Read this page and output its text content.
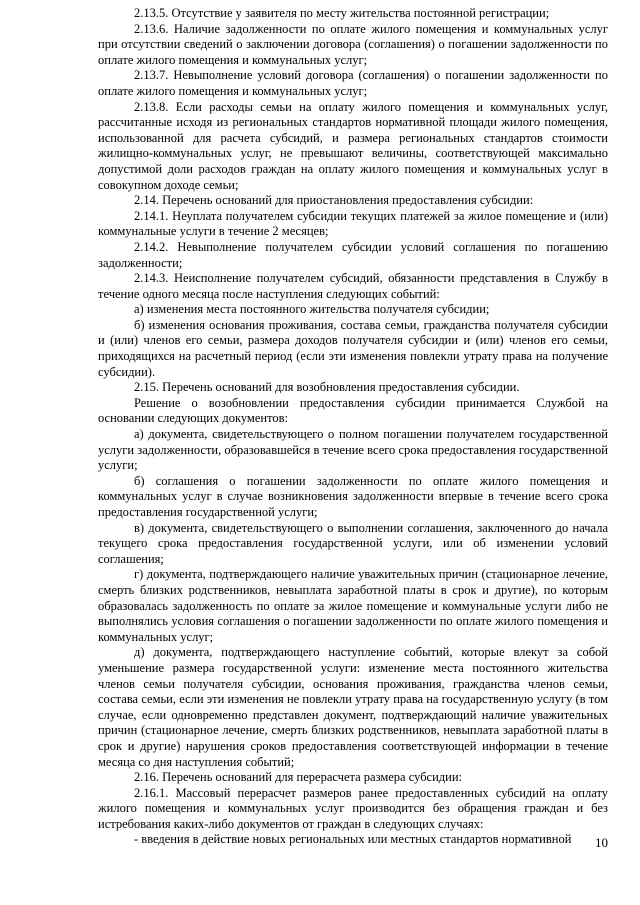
2.13.5. Отсутствие у заявителя по месту жительства постоянной регистрации;

2.13.6. Наличие задолженности по оплате жилого помещения и коммунальных услуг при отсутствии сведений о заключении договора (соглашения) о погашении задолженности по оплате жилого помещения и коммунальных услуг;

2.13.7. Невыполнение условий договора (соглашения) о погашении задолженности по оплате жилого помещения и коммунальных услуг;

2.13.8. Если расходы семьи на оплату жилого помещения и коммунальных услуг, рассчитанные исходя из региональных стандартов нормативной площади жилого помещения, использованной для расчета субсидий, и размера региональных стандартов стоимости жилищно-коммунальных услуг, не превышают величины, соответствующей максимально допустимой доли расходов граждан на оплату жилого помещения и коммунальных услуг в совокупном доходе семьи;

2.14. Перечень оснований для приостановления предоставления субсидии:

2.14.1. Неуплата получателем субсидии текущих платежей за жилое помещение и (или) коммунальные услуги в течение 2 месяцев;

2.14.2. Невыполнение получателем субсидии условий соглашения по погашению задолженности;

2.14.3. Неисполнение получателем субсидий, обязанности представления в Службу в течение одного месяца после наступления следующих событий:

а) изменения места постоянного жительства получателя субсидии;

б) изменения основания проживания, состава семьи, гражданства получателя субсидии и (или) членов его семьи, размера доходов получателя субсидии и (или) членов его семьи, приходящихся на расчетный период (если эти изменения повлекли утрату права на получение субсидии).

2.15. Перечень оснований для возобновления предоставления субсидии.

Решение о возобновлении предоставления субсидии принимается Службой на основании следующих документов:

а) документа, свидетельствующего о полном погашении получателем государственной услуги задолженности, образовавшейся в течение всего срока предоставления государственной услуги;

б) соглашения о погашении задолженности по оплате жилого помещения и коммунальных услуг в случае возникновения задолженности впервые в течение всего срока предоставления государственной услуги;

в) документа, свидетельствующего о выполнении соглашения, заключенного до начала текущего срока предоставления государственной услуги, или об изменении условий соглашения;

г) документа, подтверждающего наличие уважительных причин (стационарное лечение, смерть близких родственников, невыплата заработной платы в срок и другие), по которым образовалась задолженность по оплате за жилое помещение и коммунальные услуги либо не выполнялись условия соглашения о погашении задолженности по оплате жилого помещения и коммунальных услуг;

д) документа, подтверждающего наступление событий, которые влекут за собой уменьшение размера государственной услуги: изменение места постоянного жительства членов семьи получателя субсидии, основания проживания, гражданства членов семьи, состава семьи, если эти изменения не повлекли утрату права на государственную услугу (в том случае, если одновременно представлен документ, подтверждающий наличие уважительных причин (стационарное лечение, смерть близких родственников, невыплата заработной платы в срок и другие) нарушения сроков предоставления соответствующей информации в течение месяца со дня наступления событий;

2.16. Перечень оснований для перерасчета размера субсидии:

2.16.1. Массовый перерасчет размеров ранее предоставленных субсидий на оплату жилого помещения и коммунальных услуг производится без обращения граждан и без истребования каких-либо документов от граждан в следующих случаях:

- введения в действие новых региональных или местных стандартов нормативной	10
